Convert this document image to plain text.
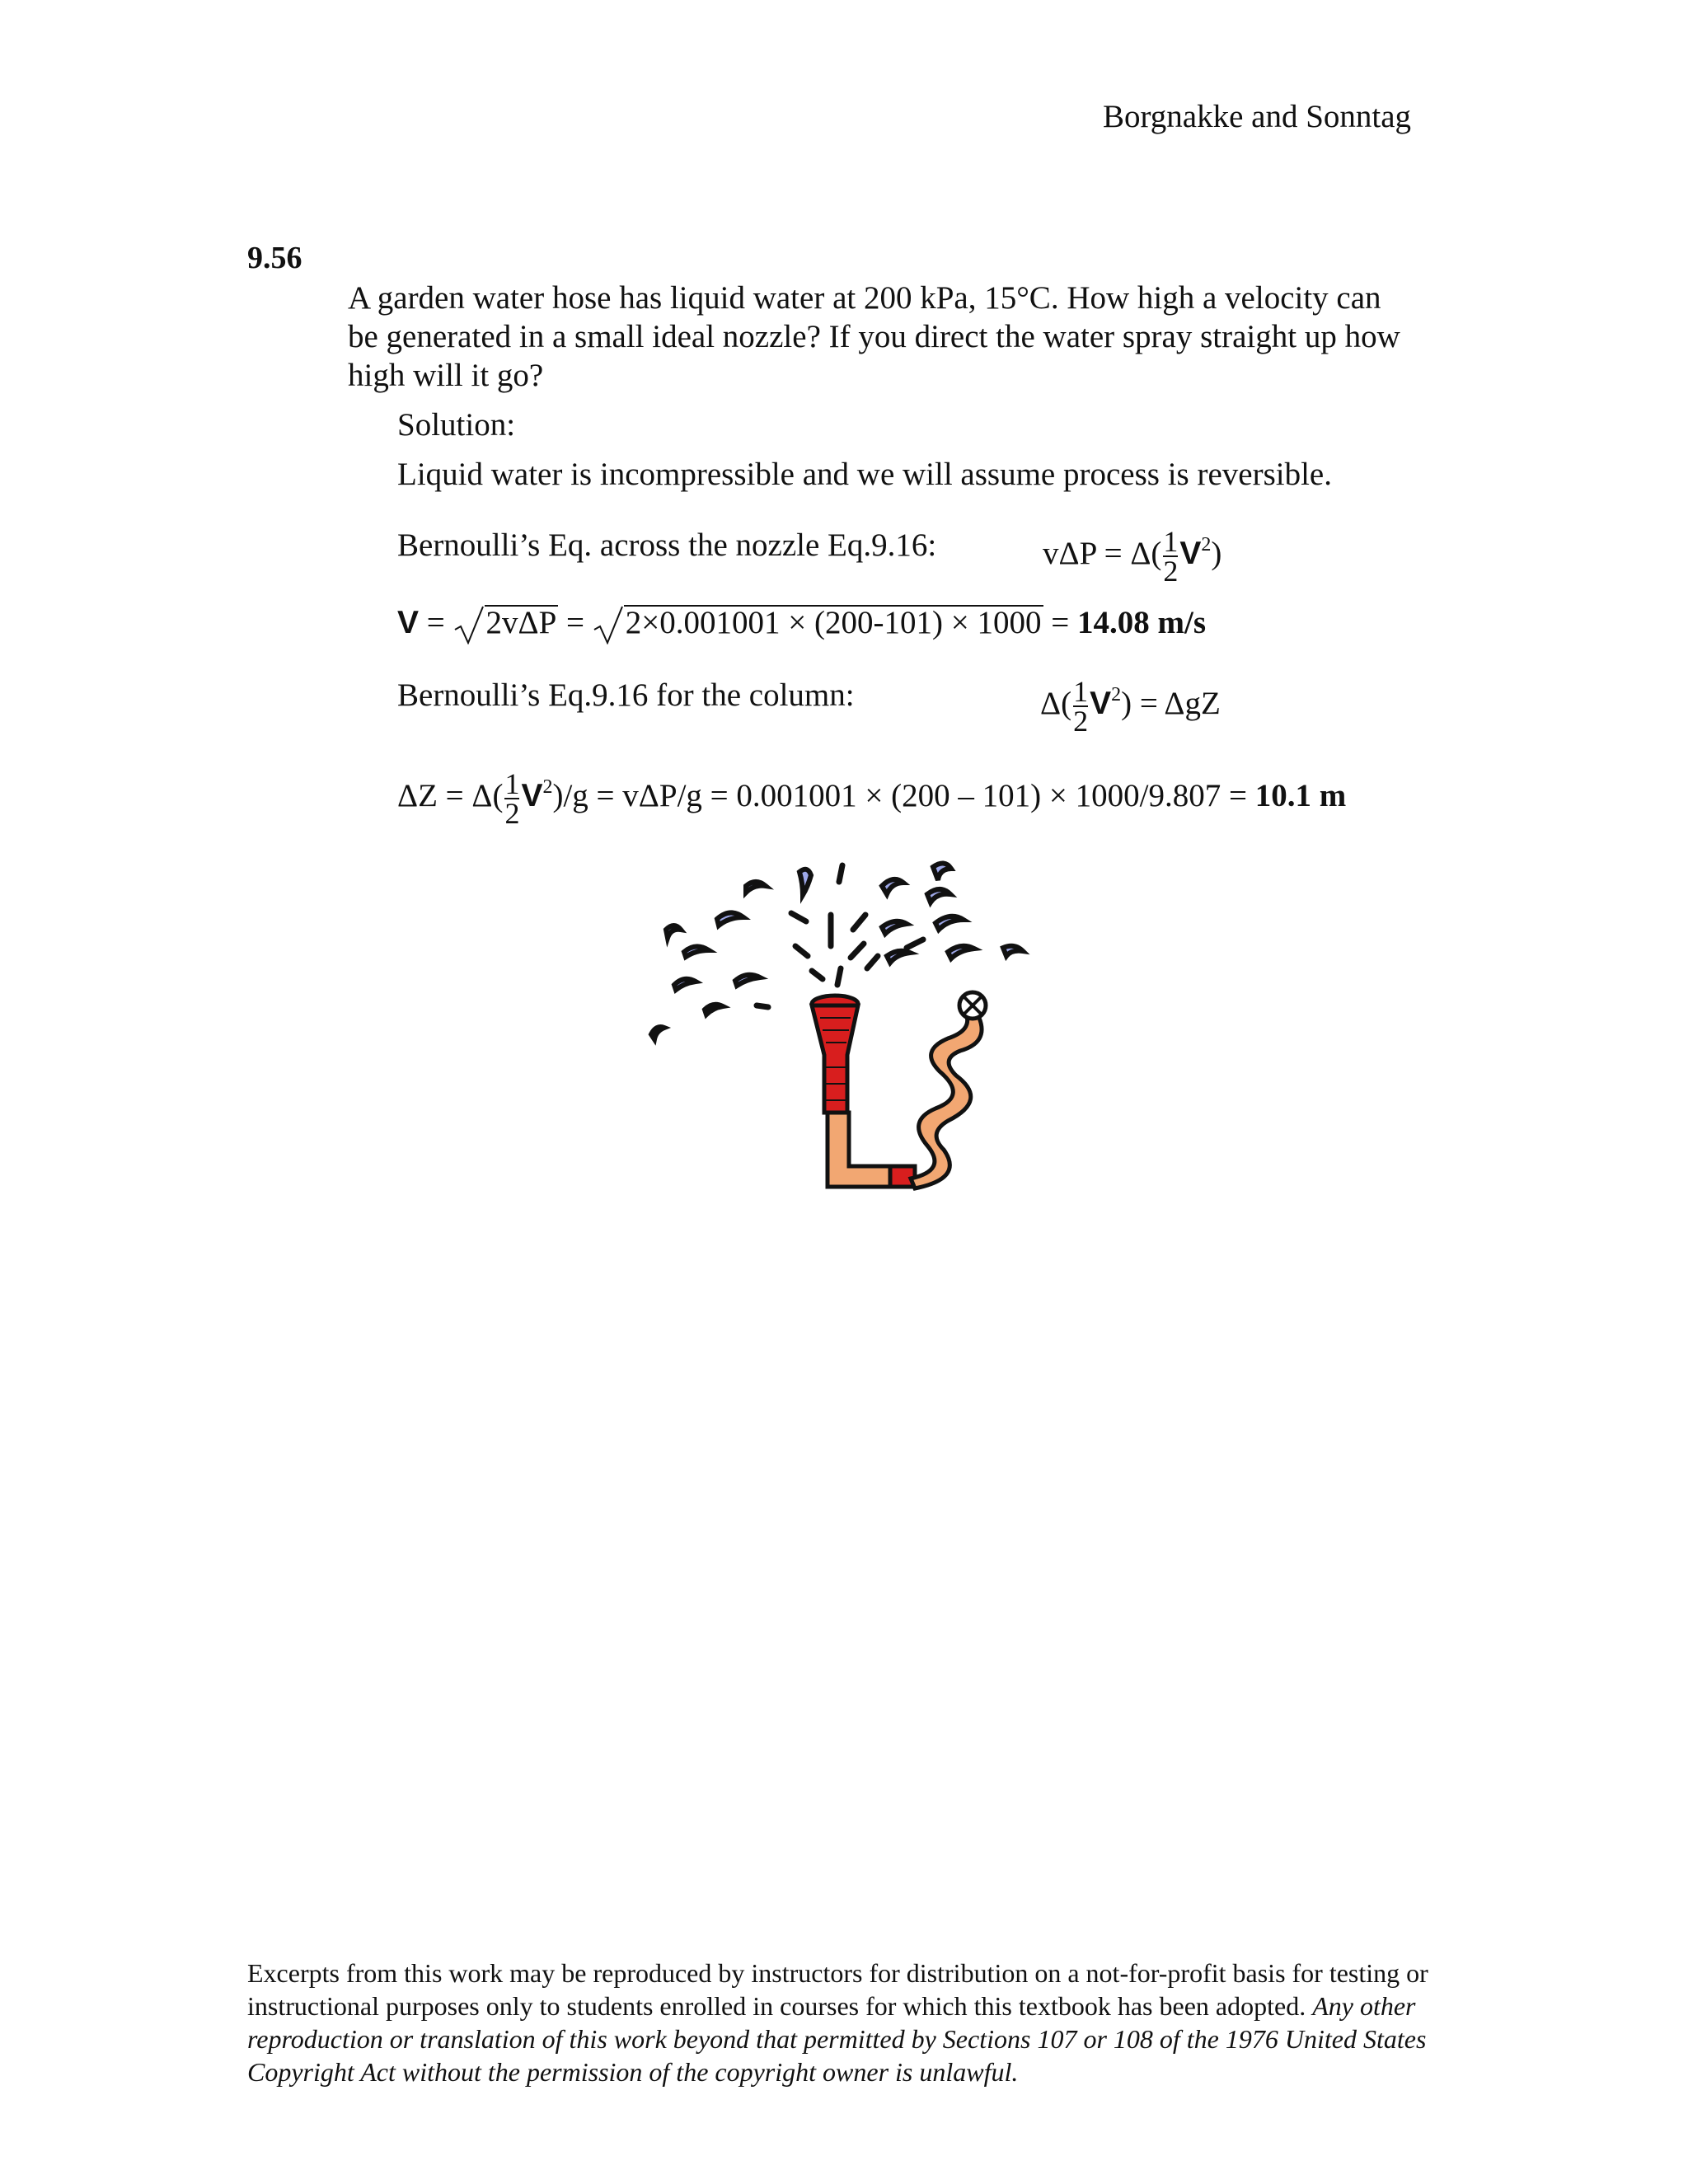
Borgnakke and Sonntag
9.56
A garden water hose has liquid water at 200 kPa, 15°C. How high a velocity can
be generated in a small ideal nozzle? If you direct the water spray straight up how
high will it go?
Solution:
Liquid water is incompressible and we will assume process is reversible.
Bernoulli’s Eq. across the nozzle Eq.9.16:	$v\Delta P = \Delta( \frac{1}{2} V^2)$
V = 2vΔP = 2×0.001001 × (200-101) × 1000 = 14.08 m/s
Bernoulli’s Eq.9.16 for the column:	$\Delta( \frac{1}{2} V^2) = \Delta gZ$
$\Delta Z = \Delta( \frac{1}{2} V^2)/g = v\Delta P/g = 0.001001 \times (200 - 101) \times 1000/9.807 = 10.1$ m
Excerpts from this work may be reproduced by instructors for distribution on a not-for-profit basis for testing or instructional purposes only to students enrolled in courses for which this textbook has been adopted. Any other reproduction or translation of this work beyond that permitted by Sections 107 or 108 of the 1976 United States Copyright Act without the permission of the copyright owner is unlawful.
